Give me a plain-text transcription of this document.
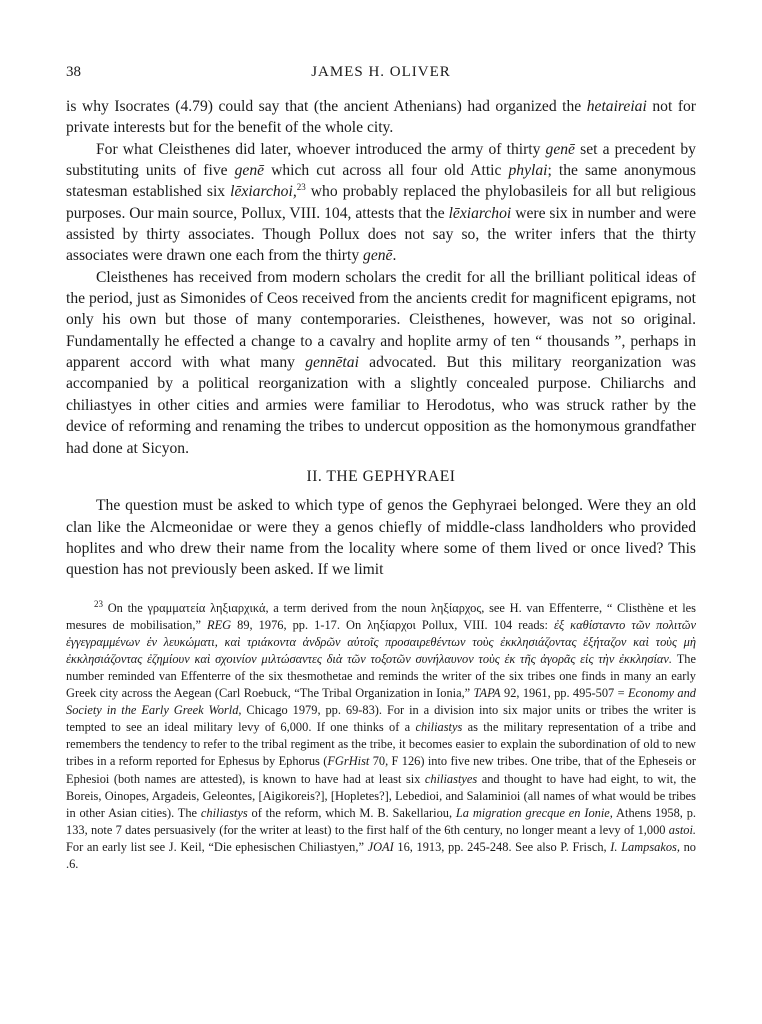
38	JAMES H. OLIVER

is why Isocrates (4.79) could say that (the ancient Athenians) had organized the hetaireiai not for private interests but for the benefit of the whole city.

For what Cleisthenes did later, whoever introduced the army of thirty genē set a precedent by substituting units of five genē which cut across all four old Attic phylai; the same anonymous statesman established six lēxiarchoi,$^{23}$ who probably replaced the phylobasileis for all but religious purposes. Our main source, Pollux, VIII. 104, attests that the lēxiarchoi were six in number and were assisted by thirty associates. Though Pollux does not say so, the writer infers that the thirty associates were drawn one each from the thirty genē.

Cleisthenes has received from modern scholars the credit for all the brilliant political ideas of the period, just as Simonides of Ceos received from the ancients credit for magnificent epigrams, not only his own but those of many contemporaries. Cleisthenes, however, was not so original. Fundamentally he effected a change to a cavalry and hoplite army of ten “ thousands ”, perhaps in apparent accord with what many gennētai advocated. But this military reorganization was accompanied by a political reorganization with a slightly concealed purpose. Chiliarchs and chiliastyes in other cities and armies were familiar to Herodotus, who was struck rather by the device of reforming and renaming the tribes to undercut opposition as the homonymous grandfather had done at Sicyon.

II. THE GEPHYRAEI

The question must be asked to which type of genos the Gephyraei belonged. Were they an old clan like the Alcmeonidae or were they a genos chiefly of middle-class landholders who provided hoplites and who drew their name from the locality where some of them lived or once lived? This question has not previously been asked. If we limit

$^{23}$ On the γραμματεία ληξιαρχικά, a term derived from the noun ληξίαρχος, see H. van Effenterre, “ Clisthène et les mesures de mobilisation,” REG 89, 1976, pp. 1-17. On ληξίαρχοι Pollux, VIII. 104 reads: ἐξ καθίσταντο τῶν πολιτῶν ἐγγεγραμμένων ἐν λευκώματι, καὶ τριάκοντα ἀνδρῶν αὐτοῖς προσαιρεθέντων τοὺς ἐκκλησιάζοντας ἐξήταζον καὶ τοὺς μὴ ἐκκλησιάζοντας ἐζημίουν καὶ σχοινίον μιλτώσαντες διὰ τῶν τοξοτῶν συνήλαυνον τοὺς ἐκ τῆς ἀγορᾶς εἰς τὴν ἐκκλησίαν. The number reminded van Effenterre of the six thesmothetae and reminds the writer of the six tribes one finds in many an early Greek city across the Aegean (Carl Roebuck, “The Tribal Organization in Ionia,” TAPA 92, 1961, pp. 495-507 = Economy and Society in the Early Greek World, Chicago 1979, pp. 69-83). For in a division into six major units or tribes the writer is tempted to see an ideal military levy of 6,000. If one thinks of a chiliastys as the military representation of a tribe and remembers the tendency to refer to the tribal regiment as the tribe, it becomes easier to explain the subordination of old to new tribes in a reform reported for Ephesus by Ephorus (FGrHist 70, F 126) into five new tribes. One tribe, that of the Epheseis or Ephesioi (both names are attested), is known to have had at least six chiliastyes and thought to have had eight, to wit, the Boreis, Oinopes, Argadeis, Geleontes, [Aigikoreis?], [Hopletes?], Lebedioi, and Salaminioi (all names of what would be tribes in other Asian cities). The chiliastys of the reform, which M. B. Sakellariou, La migration grecque en Ionie, Athens 1958, p. 133, note 7 dates persuasively (for the writer at least) to the first half of the 6th century, no longer meant a levy of 1,000 astoi. For an early list see J. Keil, “Die ephesischen Chiliastyen,” JOAI 16, 1913, pp. 245-248. See also P. Frisch, I. Lampsakos, no .6.
